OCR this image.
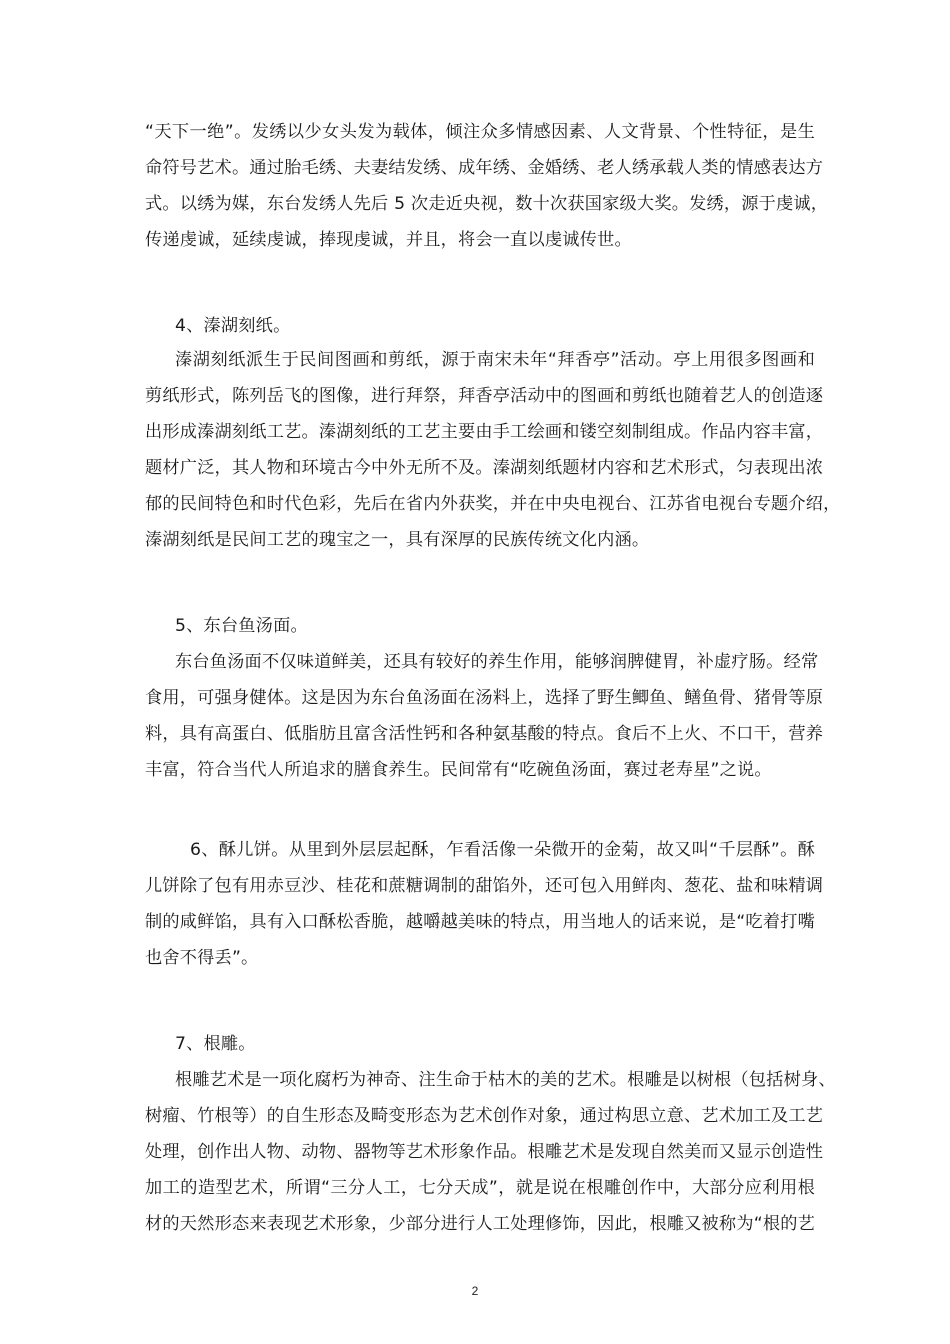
“天下一绝”。发绣以少女头发为载体，倾注众多情感因素、人文背景、个性特征，是生
命符号艺术。通过胎毛绣、夫妻结发绣、成年绣、金婚绣、老人绣承载人类的情感表达方
式。以绣为媒，东台发绣人先后 5 次走近央视，数十次获国家级大奖。发绣，源于虔诚，
传递虔诚，延续虔诚，捧现虔诚，并且，将会一直以虔诚传世。
4、溱湖刻纸。
溱湖刻纸派生于民间图画和剪纸，源于南宋未年“拜香亭”活动。亭上用很多图画和
剪纸形式，陈列岳飞的图像，进行拜祭，拜香亭活动中的图画和剪纸也随着艺人的创造逐
出形成溱湖刻纸工艺。溱湖刻纸的工艺主要由手工绘画和镂空刻制组成。作品内容丰富，
题材广泛，其人物和环境古今中外无所不及。溱湖刻纸题材内容和艺术形式，匀表现出浓
郁的民间特色和时代色彩，先后在省内外获奖，并在中央电视台、江苏省电视台专题介绍，
溱湖刻纸是民间工艺的瑰宝之一，具有深厚的民族传统文化内涵。
5、东台鱼汤面。
东台鱼汤面不仅味道鲜美，还具有较好的养生作用，能够润脾健胃，补虚疗肠。经常
食用，可强身健体。这是因为东台鱼汤面在汤料上，选择了野生鲫鱼、鳝鱼骨、猪骨等原
料，具有高蛋白、低脂肪且富含活性钙和各种氨基酸的特点。食后不上火、不口干，营养
丰富，符合当代人所追求的膳食养生。民间常有“吃碗鱼汤面，赛过老寿星”之说。
6、酥儿饼。从里到外层层起酥，乍看活像一朵微开的金菊，故又叫“千层酥”。酥
儿饼除了包有用赤豆沙、桂花和蔗糖调制的甜馅外，还可包入用鲜肉、葱花、盐和味精调
制的咸鲜馅，具有入口酥松香脆，越嚼越美味的特点，用当地人的话来说，是“吃着打嘴
也舍不得丢”。
7、根雕。
根雕艺术是一项化腐朽为神奇、注生命于枯木的美的艺术。根雕是以树根（包括树身、
树瘤、竹根等）的自生形态及畸变形态为艺术创作对象，通过构思立意、艺术加工及工艺
处理，创作出人物、动物、器物等艺术形象作品。根雕艺术是发现自然美而又显示创造性
加工的造型艺术，所谓“三分人工，七分天成”，就是说在根雕创作中，大部分应利用根
材的天然形态来表现艺术形象，少部分进行人工处理修饰，因此，根雕又被称为“根的艺
2
